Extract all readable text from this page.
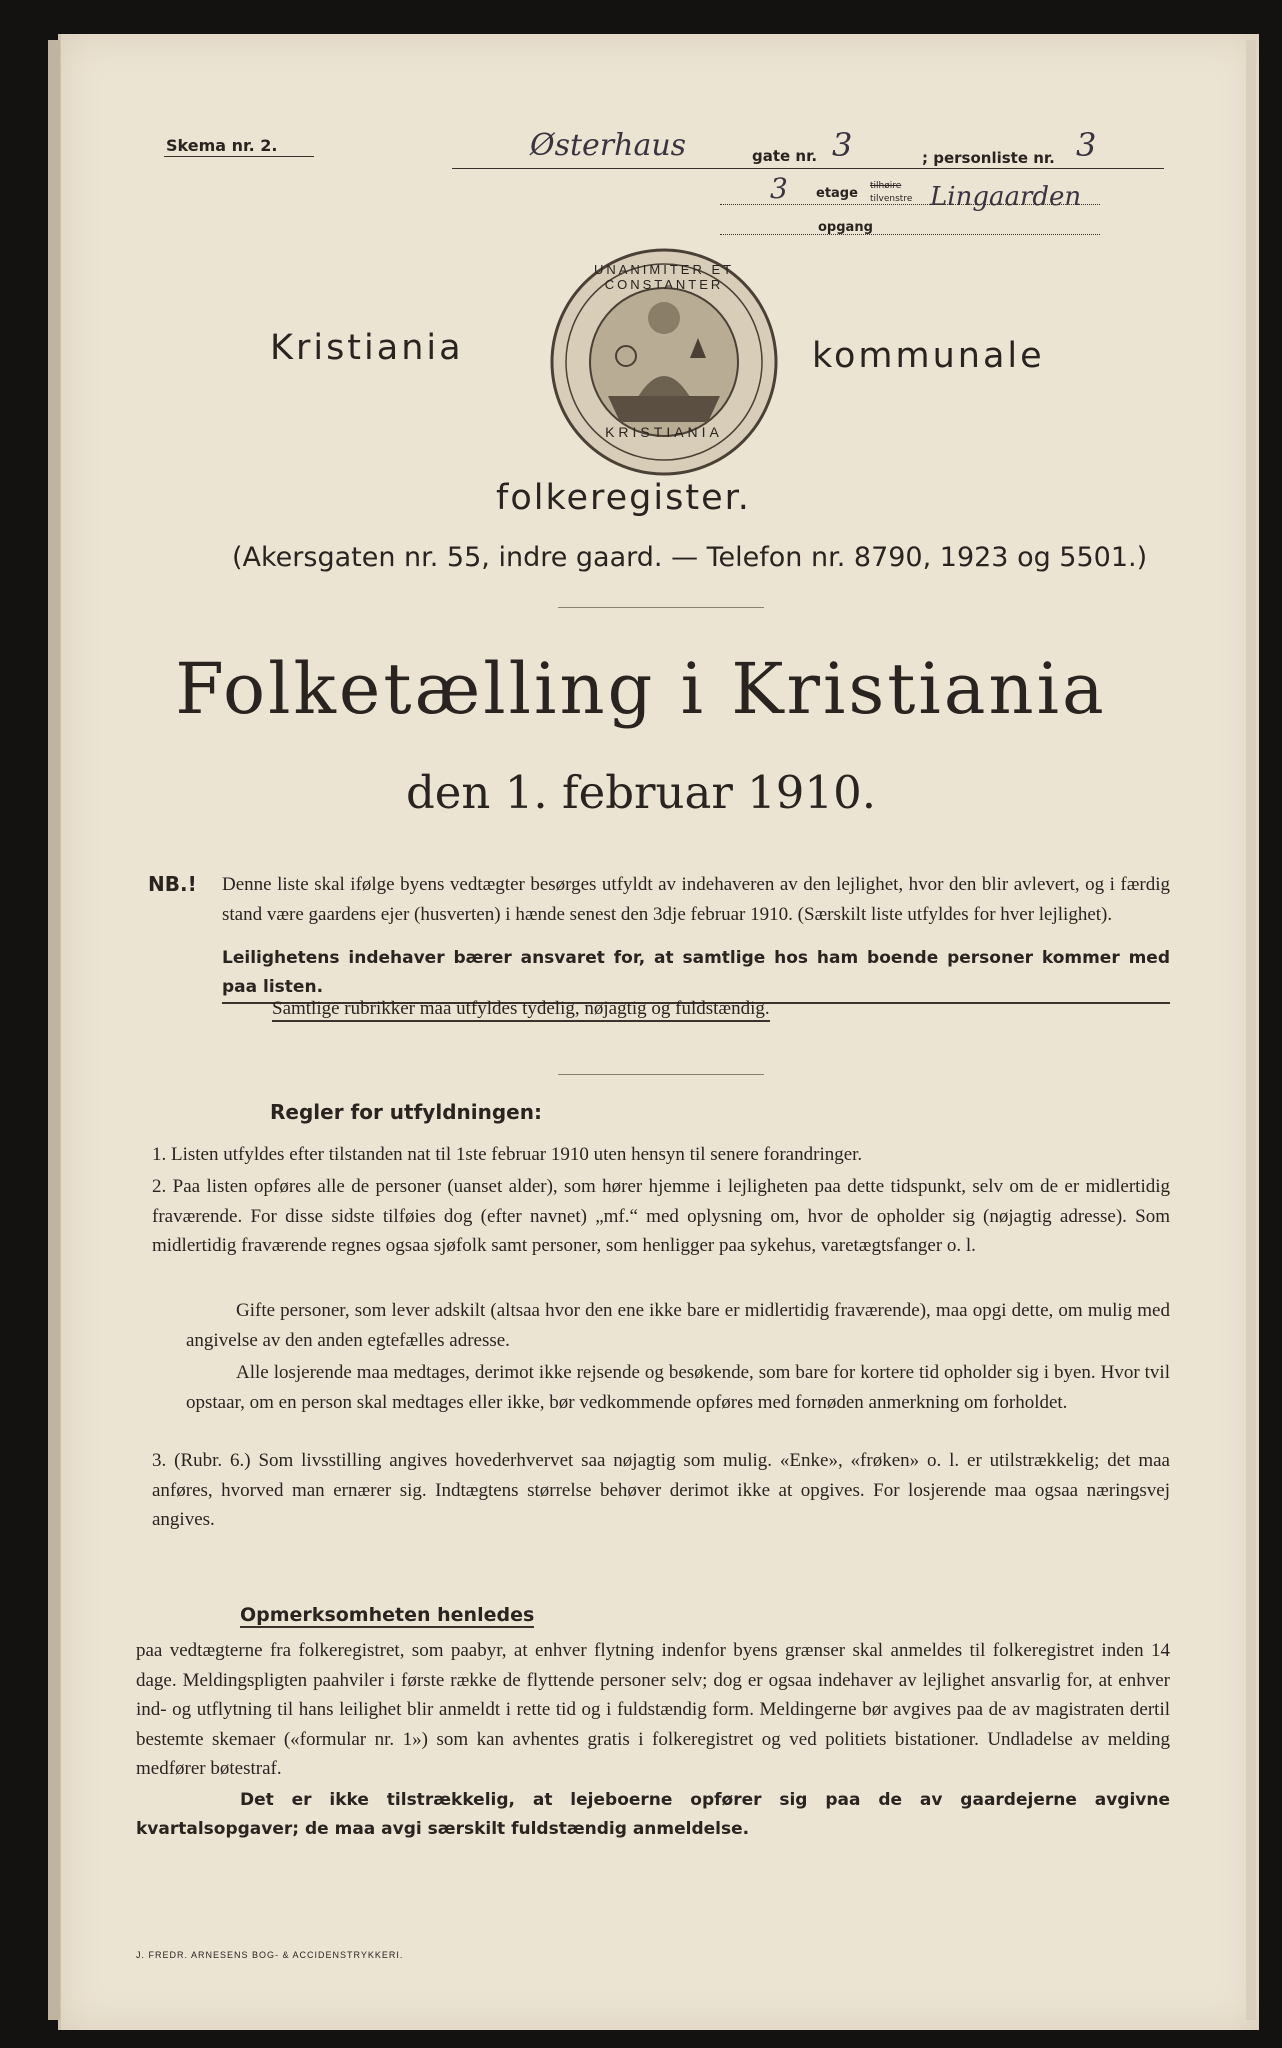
Skema nr. 2.	Østerhaus	gate nr. 3	; personliste nr. 3
3 etage tilhøire
tilvenstre Lingaarden
opgang
UNANIMITER ET CONSTANTER
KRISTIANIA
Kristiania	kommunale
folkeregister.
(Akersgaten nr. 55, indre gaard. — Telefon nr. 8790, 1923 og 5501.)
Folketælling i Kristiania
den 1. februar 1910.
NB.! Denne liste skal ifølge byens vedtægter besørges utfyldt av indehaveren av den lejlighet, hvor den blir avlevert, og i færdig stand være gaardens ejer (husverten) i hænde senest den 3dje februar 1910. (Særskilt liste utfyldes for hver lejlighet).
Leilighetens indehaver bærer ansvaret for, at samtlige hos ham boende personer kommer med paa listen.
Samtlige rubrikker maa utfyldes tydelig, nøjagtig og fuldstændig.
Regler for utfyldningen:
1. Listen utfyldes efter tilstanden nat til 1ste februar 1910 uten hensyn til senere forandringer.
2. Paa listen opføres alle de personer (uanset alder), som hører hjemme i lejligheten paa dette tidspunkt, selv om de er midlertidig fraværende. For disse sidste tilføies dog (efter navnet) „mf.“ med oplysning om, hvor de opholder sig (nøjagtig adresse). Som midlertidig fraværende regnes ogsaa sjøfolk samt personer, som henligger paa sykehus, varetægtsfanger o. l.
Gifte personer, som lever adskilt (altsaa hvor den ene ikke bare er midlertidig fraværende), maa opgi dette, om mulig med angivelse av den anden egtefælles adresse.
Alle losjerende maa medtages, derimot ikke rejsende og besøkende, som bare for kortere tid opholder sig i byen. Hvor tvil opstaar, om en person skal medtages eller ikke, bør vedkommende opføres med fornøden anmerkning om forholdet.
3. (Rubr. 6.) Som livsstilling angives hovederhvervet saa nøjagtig som mulig. «Enke», «frøken» o. l. er utilstrækkelig; det maa anføres, hvorved man ernærer sig. Indtægtens størrelse behøver derimot ikke at opgives. For losjerende maa ogsaa næringsvej angives.
Opmerksomheten henledes
paa vedtægterne fra folkeregistret, som paabyr, at enhver flytning indenfor byens grænser skal anmeldes til folkeregistret inden 14 dage. Meldingspligten paahviler i første række de flyttende personer selv; dog er ogsaa indehaver av lejlighet ansvarlig for, at enhver ind- og utflytning til hans leilighet blir anmeldt i rette tid og i fuldstændig form. Meldingerne bør avgives paa de av magistraten dertil bestemte skemaer («formular nr. 1») som kan avhentes gratis i folkeregistret og ved politiets bistationer. Undladelse av melding medfører bøtestraf.
Det er ikke tilstrækkelig, at lejeboerne opfører sig paa de av gaardejerne avgivne kvartalsopgaver; de maa avgi særskilt fuldstændig anmeldelse.
J. FREDR. ARNESENS BOG- & ACCIDENSTRYKKERI.
